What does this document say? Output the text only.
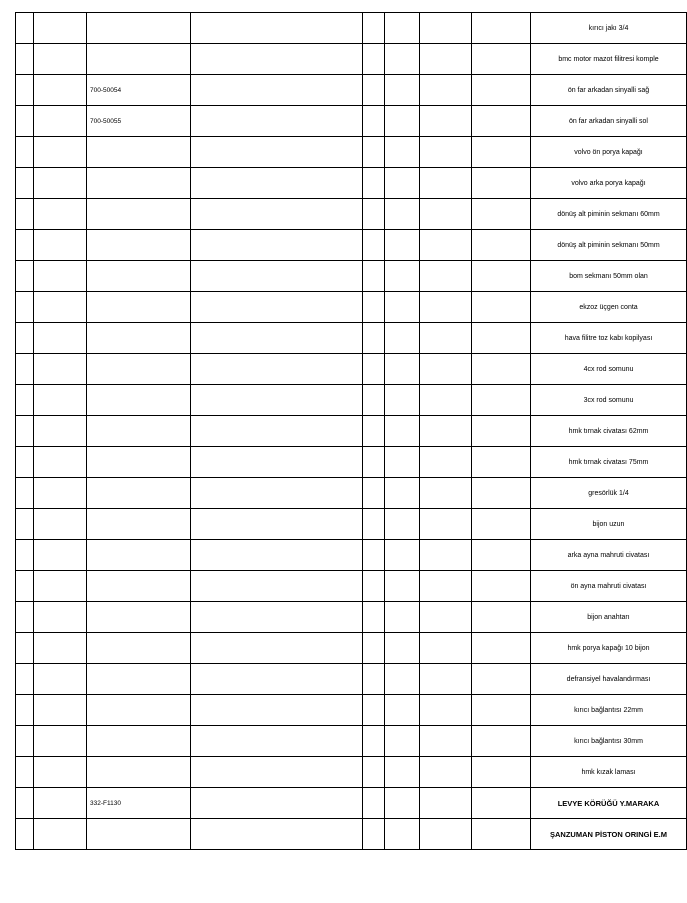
								kırıcı jakı 3/4
								bmc motor mazot filitresi komple
		700-50054						ön far arkadan sinyalli sağ
		700-50055						ön far arkadan sinyalli sol
								volvo ön porya kapağı
								volvo arka porya kapağı
								dönüş alt piminin sekmanı 60mm
								dönüş alt piminin sekmanı 50mm
								bom sekmanı 50mm olan
								ekzoz üçgen conta
								hava filitre toz kabı kopilyası
								4cx rod somunu
								3cx rod somunu
								hmk tırnak civatası 62mm
								hmk tırnak civatası 75mm
								gresörlük 1/4
								bijon uzun
								arka ayna mahruti civatası
								ön ayna mahruti civatası
								bijon anahtarı
								hmk porya kapağı 10 bijon
								defransiyel havalandırması
								kırıcı bağlantısı 22mm
								kırıcı bağlantısı 30mm
								hmk kızak laması
		332-F1130						LEVYE KÖRÜĞÜ Y.MARAKA
								ŞANZUMAN PİSTON ORINGİ E.M
